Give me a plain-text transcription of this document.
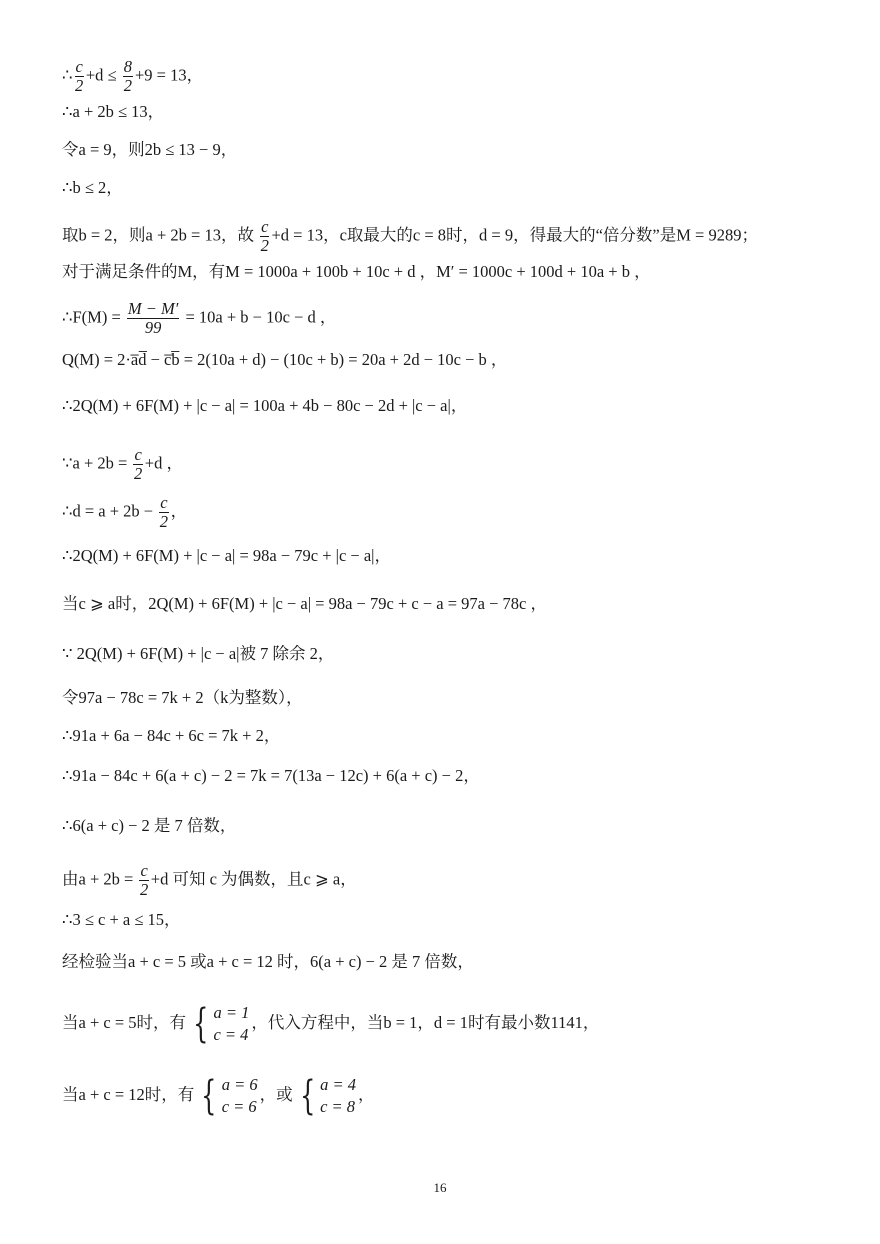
∴ $\frac{c}{2} +d \le \frac{8}{2} +9 = 13$，
∴a + 2b ≤ 13，
令a = 9，则2b ≤ 13 − 9，
∴b ≤ 2，
取b = 2，则a + 2b = 13，故 $\frac{c}{2} +d = 13$，c取最大的c = 8时，d = 9，得最大的“倍分数”是M = 9289；
对于满足条件的M，有M = 1000a + 100b + 10c + d ，M′ = 1000c + 100d + 10a + b ，
∴F(M) = $\frac{M - M'}{99} = 10a + b - 10c - d$ ，
Q(M) = 2·a̅d̅ − c̅b̅ = 2(10a + d) − (10c + b) = 20a + 2d − 10c − b ，
∴2Q(M) + 6F(M) + |c − a| = 100a + 4b − 80c − 2d + |c − a|，
∵a + $2b = \frac{c}{2} +d$ ，
∴d = $a + 2b - \frac{c}{2}$ ，
∴2Q(M) + 6F(M) + |c − a| = 98a − 79c + |c − a|，
当c ⩾ a时，2Q(M) + 6F(M) + |c − a| = 98a − 79c + c − a = 97a − 78c ，
∵ 2Q(M) + 6F(M) + |c − a|被 7 除余 2，
令97a − 78c = 7k + 2（k为整数），
∴91a + 6a − 84c + 6c = 7k + 2，
∴91a − 84c + 6(a + c) − 2 = 7k = 7(13a − 12c) + 6(a + c) − 2，
∴6(a + c) − 2 是 7 倍数，
由$a + 2b = \frac{c}{2} +d$ 可知 c 为偶数，且c ⩾ a，
∴3 ≤ c + a ≤ 15，
经检验当a + c = 5 或a + c = 12 时，6(a + c) − 2 是 7 倍数，
当a + c = 5时，有 { a = 1
c = 4
，代入方程中，当b = 1，d = 1时有最小数1141，
当a + c = 12时，有 { a = 6
c = 6
，或 { a = 4
c = 8
，
16
